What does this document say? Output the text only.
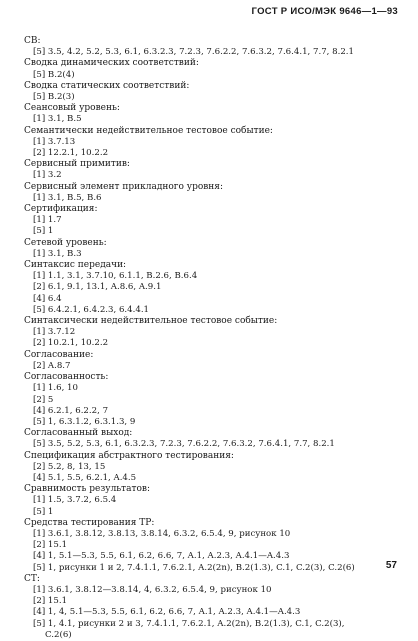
ГОСТ Р ИСО/МЭК 9646—1—93
СВ:
[5] 3.5, 4.2, 5.2, 5.3, 6.1, 6.3.2.3, 7.2.3, 7.6.2.2, 7.6.3.2, 7.6.4.1, 7.7, 8.2.1
Сводка динамических соответствий:
[5] B.2(4)
Сводка статических соответствий:
[5] B.2(3)
Сеансовый уровень:
[1] 3.1, B.5
Семантически недействительное тестовое событие:
[1] 3.7.13
[2] 12.2.1, 10.2.2
Сервисный примитив:
[1] 3.2
Сервисный элемент прикладного уровня:
[1] 3.1, B.5, B.6
Сертификация:
[1] 1.7
[5] 1
Сетевой уровень:
[1] 3.1, B.3
Синтаксис передачи:
[1] 1.1, 3.1, 3.7.10, 6.1.1, B.2.6, B.6.4
[2] 6.1, 9.1, 13.1, A.8.6, A.9.1
[4] 6.4
[5] 6.4.2.1, 6.4.2.3, 6.4.4.1
Синтаксически недействительное тестовое событие:
[1] 3.7.12
[2] 10.2.1, 10.2.2
Согласование:
[2] A.8.7
Согласованность:
[1] 1.6, 10
[2] 5
[4] 6.2.1, 6.2.2, 7
[5] 1, 6.3.1.2, 6.3.1.3, 9
Согласованный выход:
[5] 3.5, 5.2, 5.3, 6.1, 6.3.2.3, 7.2.3, 7.6.2.2, 7.6.3.2, 7.6.4.1, 7.7, 8.2.1
Спецификация абстрактного тестирования:
[2] 5.2, 8, 13, 15
[4] 5.1, 5.5, 6.2.1, A.4.5
Сравнимость результатов:
[1] 1.5, 3.7.2, 6.5.4
[5] 1
Средства тестирования ТР:
[1] 3.6.1, 3.8.12, 3.8.13, 3.8.14, 6.3.2, 6.5.4, 9, рисунок 10
[2] 15.1
[4] 1, 5.1—5.3, 5.5, 6.1, 6.2, 6.6, 7, A.1, A.2.3, A.4.1—A.4.3
[5] 1, рисунки 1 и 2, 7.4.1.1, 7.6.2.1, A.2(2n), B.2(1.3), C.1, C.2(3), C.2(6)
СТ:
[1] 3.6.1, 3.8.12—3.8.14, 4, 6.3.2, 6.5.4, 9, рисунок 10
[2] 15.1
[4] 1, 4, 5.1—5.3, 5.5, 6.1, 6.2, 6.6, 7, A.1, A.2.3, A.4.1—A.4.3
[5] 1, 4.1, рисунки 2 и 3, 7.4.1.1, 7.6.2.1, A.2(2n), B.2(1.3), C.1, C.2(3),
C.2(6)
57
